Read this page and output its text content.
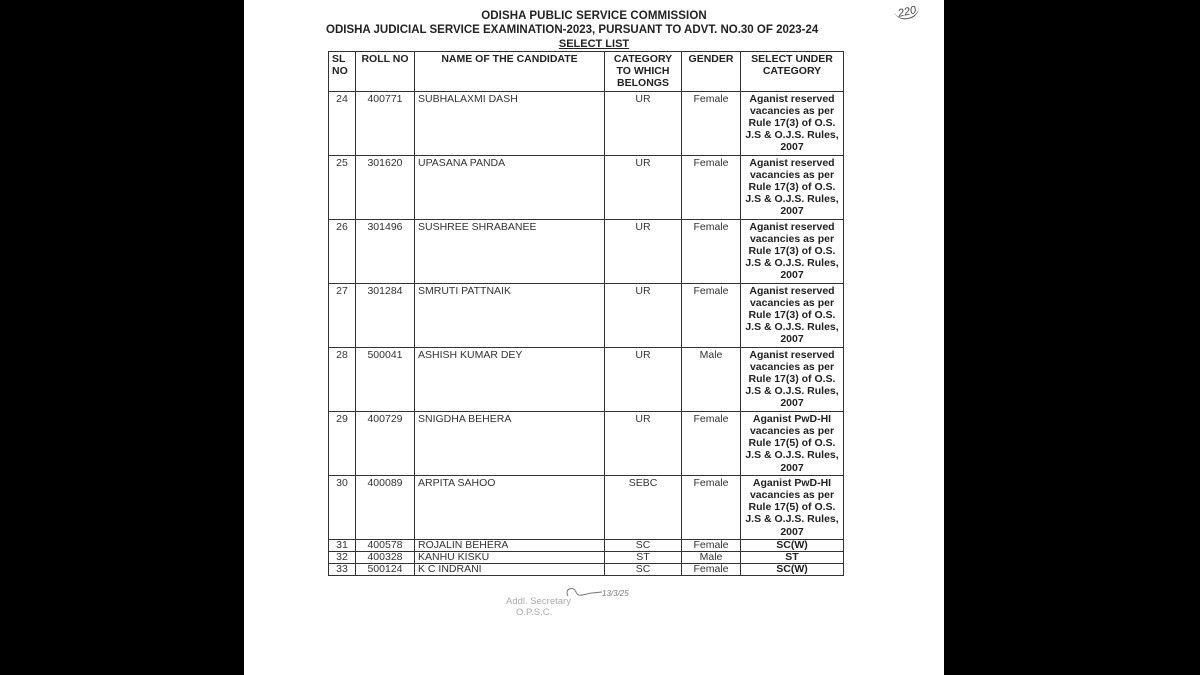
220
ODISHA PUBLIC SERVICE COMMISSION
ODISHA JUDICIAL SERVICE EXAMINATION-2023, PURSUANT TO ADVT. NO.30 OF 2023-24
SELECT LIST
SL NO	ROLL NO	NAME OF THE CANDIDATE	CATEGORY TO WHICH BELONGS	GENDER	SELECT UNDER CATEGORY
24	400771	SUBHALAXMI DASH	UR	Female	Aganist reserved vacancies as per Rule 17(3) of O.S. J.S & O.J.S. Rules, 2007
25	301620	UPASANA PANDA	UR	Female	Aganist reserved vacancies as per Rule 17(3) of O.S. J.S & O.J.S. Rules, 2007
26	301496	SUSHREE SHRABANEE	UR	Female	Aganist reserved vacancies as per Rule 17(3) of O.S. J.S & O.J.S. Rules, 2007
27	301284	SMRUTI PATTNAIK	UR	Female	Aganist reserved vacancies as per Rule 17(3) of O.S. J.S & O.J.S. Rules, 2007
28	500041	ASHISH KUMAR DEY	UR	Male	Aganist reserved vacancies as per Rule 17(3) of O.S. J.S & O.J.S. Rules, 2007
29	400729	SNIGDHA BEHERA	UR	Female	Aganist PwD-HI vacancies as per Rule 17(5) of O.S. J.S & O.J.S. Rules, 2007
30	400089	ARPITA SAHOO	SEBC	Female	Aganist PwD-HI vacancies as per Rule 17(5) of O.S. J.S & O.J.S. Rules, 2007
31	400578	ROJALIN BEHERA	SC	Female	SC(W)
32	400328	KANHU KISKU	ST	Male	ST
33	500124	K C INDRANI	SC	Female	SC(W)
13/3/25
Addl. Secretary
O.P.S.C.
